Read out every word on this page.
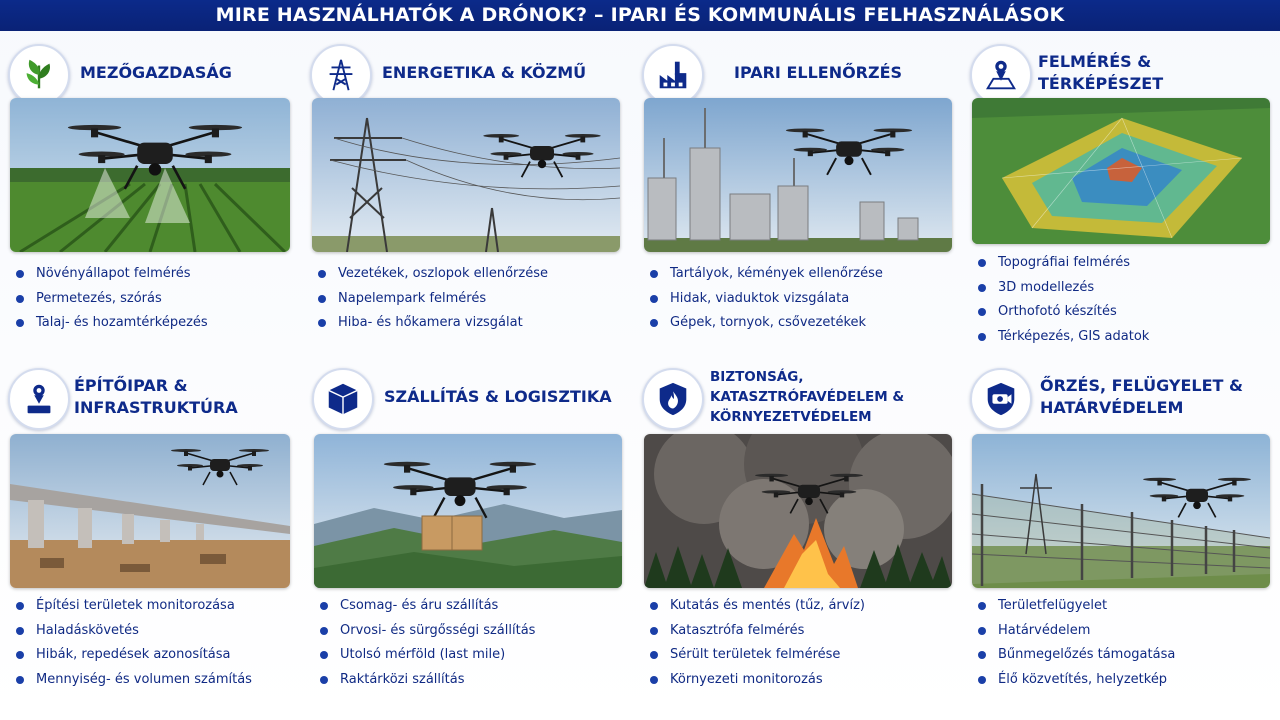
MIRE HASZNÁLHATÓK A DRÓNOK? – IPARI ÉS KOMMUNÁLIS FELHASZNÁLÁSOK
MEZŐGAZDASÁG
Növényállapot felmérés
Permetezés, szórás
Talaj- és hozamtérképezés
ENERGETIKA & KÖZMŰ
Vezetékek, oszlopok ellenőrzése
Napelempark felmérés
Hiba- és hőkamera vizsgálat
IPARI ELLENŐRZÉS
Tartályok, kémények ellenőrzése
Hidak, viaduktok vizsgálata
Gépek, tornyok, csővezetékek
FELMÉRÉS & TÉRKÉPÉSZET
Topográfiai felmérés
3D modellezés
Orthofotó készítés
Térképezés, GIS adatok
ÉPÍTŐIPAR & INFRASTRUKTÚRA
Építési területek monitorozása
Haladáskövetés
Hibák, repedések azonosítása
Mennyiség- és volumen számítás
SZÁLLÍTÁS & LOGISZTIKA
Csomag- és áru szállítás
Orvosi- és sürgősségi szállítás
Utolsó mérföld (last mile)
Raktárközi szállítás
BIZTONSÁG, KATASZTRÓFAVÉDELEM & KÖRNYEZETVÉDELEM
Kutatás és mentés (tűz, árvíz)
Katasztrófa felmérés
Sérült területek felmérése
Környezeti monitorozás
ŐRZÉS, FELÜGYELET & HATÁRVÉDELEM
Területfelügyelet
Határvédelem
Bűnmegelőzés támogatása
Élő közvetítés, helyzetkép
